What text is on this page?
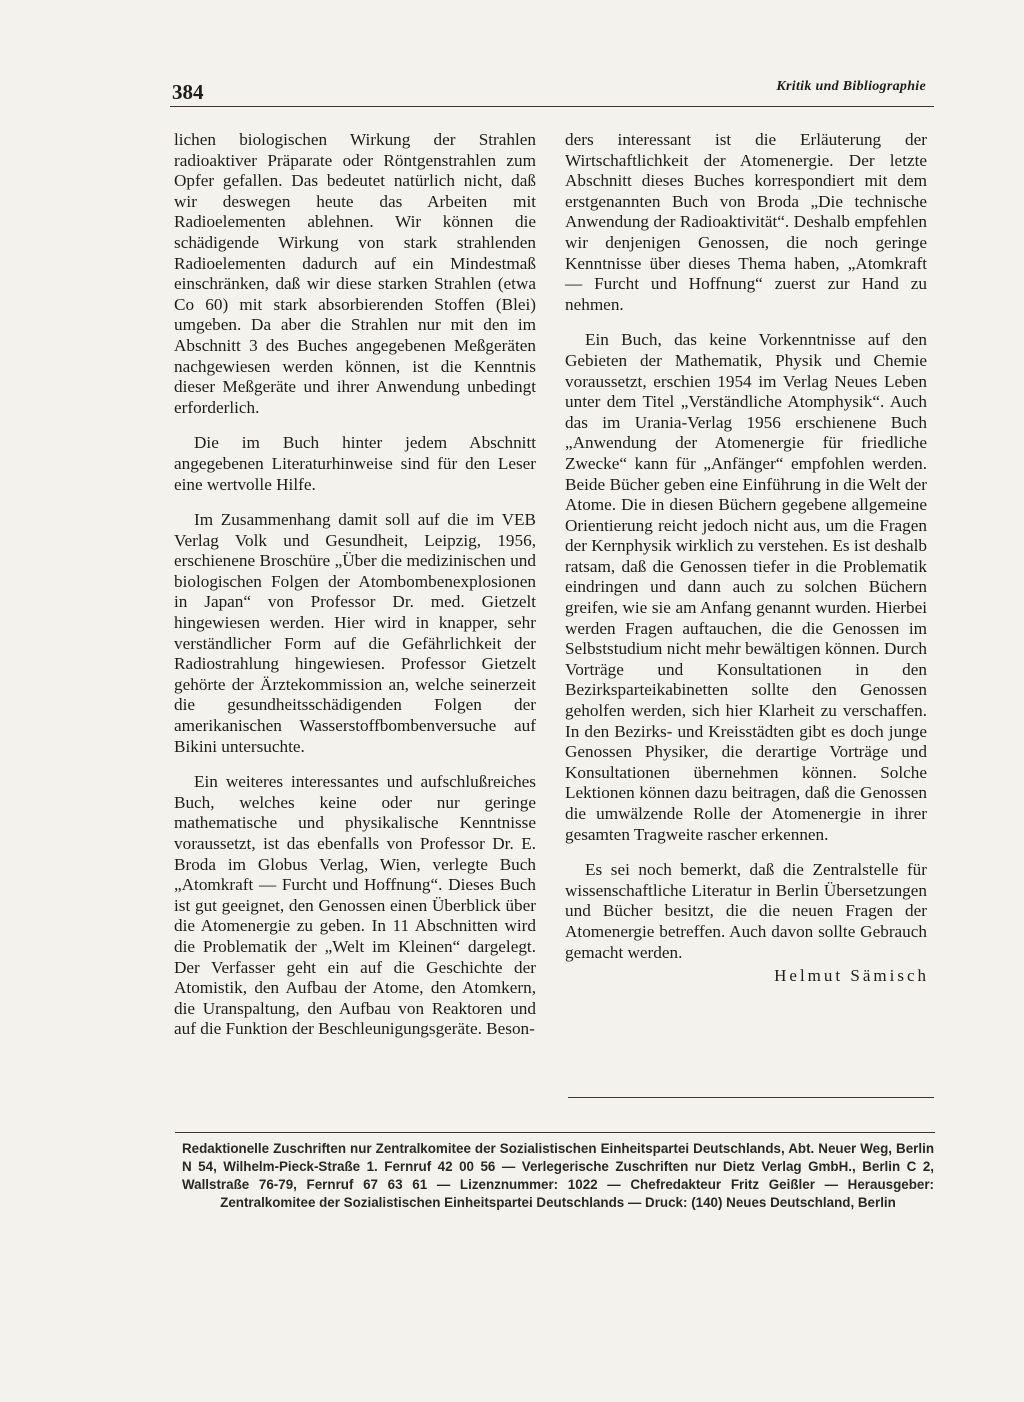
384	Kritik und Bibliographie

lichen biologischen Wirkung der Strahlen radioaktiver Präparate oder Röntgenstrahlen zum Opfer gefallen. Das bedeutet natürlich nicht, daß wir deswegen heute das Arbeiten mit Radioelementen ablehnen. Wir können die schädigende Wirkung von stark strahlenden Radioelementen dadurch auf ein Mindestmaß einschränken, daß wir diese starken Strahlen (etwa Co 60) mit stark absorbierenden Stoffen (Blei) umgeben. Da aber die Strahlen nur mit den im Abschnitt 3 des Buches angegebenen Meßgeräten nachgewiesen werden können, ist die Kenntnis dieser Meßgeräte und ihrer Anwendung unbedingt erforderlich.

Die im Buch hinter jedem Abschnitt angegebenen Literaturhinweise sind für den Leser eine wertvolle Hilfe.

Im Zusammenhang damit soll auf die im VEB Verlag Volk und Gesundheit, Leipzig, 1956, erschienene Broschüre „Über die medizinischen und biologischen Folgen der Atombombenexplosionen in Japan“ von Professor Dr. med. Gietzelt hingewiesen werden. Hier wird in knapper, sehr verständlicher Form auf die Gefährlichkeit der Radiostrahlung hingewiesen. Professor Gietzelt gehörte der Ärztekommission an, welche seinerzeit die gesundheitsschädigenden Folgen der amerikanischen Wasserstoffbombenversuche auf Bikini untersuchte.

Ein weiteres interessantes und aufschlußreiches Buch, welches keine oder nur geringe mathematische und physikalische Kenntnisse voraussetzt, ist das ebenfalls von Professor Dr. E. Broda im Globus Verlag, Wien, verlegte Buch „Atomkraft — Furcht und Hoffnung“. Dieses Buch ist gut geeignet, den Genossen einen Überblick über die Atomenergie zu geben. In 11 Abschnitten wird die Problematik der „Welt im Kleinen“ dargelegt. Der Verfasser geht ein auf die Geschichte der Atomistik, den Aufbau der Atome, den Atomkern, die Uranspaltung, den Aufbau von Reaktoren und auf die Funktion der Beschleunigungsgeräte. Beson-

ders interessant ist die Erläuterung der Wirtschaftlichkeit der Atomenergie. Der letzte Abschnitt dieses Buches korrespondiert mit dem erstgenannten Buch von Broda „Die technische Anwendung der Radioaktivität“. Deshalb empfehlen wir denjenigen Genossen, die noch geringe Kenntnisse über dieses Thema haben, „Atomkraft — Furcht und Hoffnung“ zuerst zur Hand zu nehmen.

Ein Buch, das keine Vorkenntnisse auf den Gebieten der Mathematik, Physik und Chemie voraussetzt, erschien 1954 im Verlag Neues Leben unter dem Titel „Verständliche Atomphysik“. Auch das im Urania-Verlag 1956 erschienene Buch „Anwendung der Atomenergie für friedliche Zwecke“ kann für „Anfänger“ empfohlen werden. Beide Bücher geben eine Einführung in die Welt der Atome. Die in diesen Büchern gegebene allgemeine Orientierung reicht jedoch nicht aus, um die Fragen der Kernphysik wirklich zu verstehen. Es ist deshalb ratsam, daß die Genossen tiefer in die Problematik eindringen und dann auch zu solchen Büchern greifen, wie sie am Anfang genannt wurden. Hierbei werden Fragen auftauchen, die die Genossen im Selbststudium nicht mehr bewältigen können. Durch Vorträge und Konsultationen in den Bezirksparteikabinetten sollte den Genossen geholfen werden, sich hier Klarheit zu verschaffen. In den Bezirks- und Kreisstädten gibt es doch junge Genossen Physiker, die derartige Vorträge und Konsultationen übernehmen können. Solche Lektionen können dazu beitragen, daß die Genossen die umwälzende Rolle der Atomenergie in ihrer gesamten Tragweite rascher erkennen.

Es sei noch bemerkt, daß die Zentralstelle für wissenschaftliche Literatur in Berlin Übersetzungen und Bücher besitzt, die die neuen Fragen der Atomenergie betreffen. Auch davon sollte Gebrauch gemacht werden.

Helmut Sämisch
Redaktionelle Zuschriften nur Zentralkomitee der Sozialistischen Einheitspartei Deutschlands, Abt. Neuer Weg, Berlin N 54, Wilhelm-Pieck-Straße 1. Fernruf 42 00 56 — Verlegerische Zuschriften nur Dietz Verlag GmbH., Berlin C 2, Wallstraße 76-79, Fernruf 67 63 61 — Lizenznummer: 1022 — Chefredakteur Fritz Geißler — Herausgeber: Zentralkomitee der Sozialistischen Einheitspartei Deutschlands — Druck: (140) Neues Deutschland, Berlin
